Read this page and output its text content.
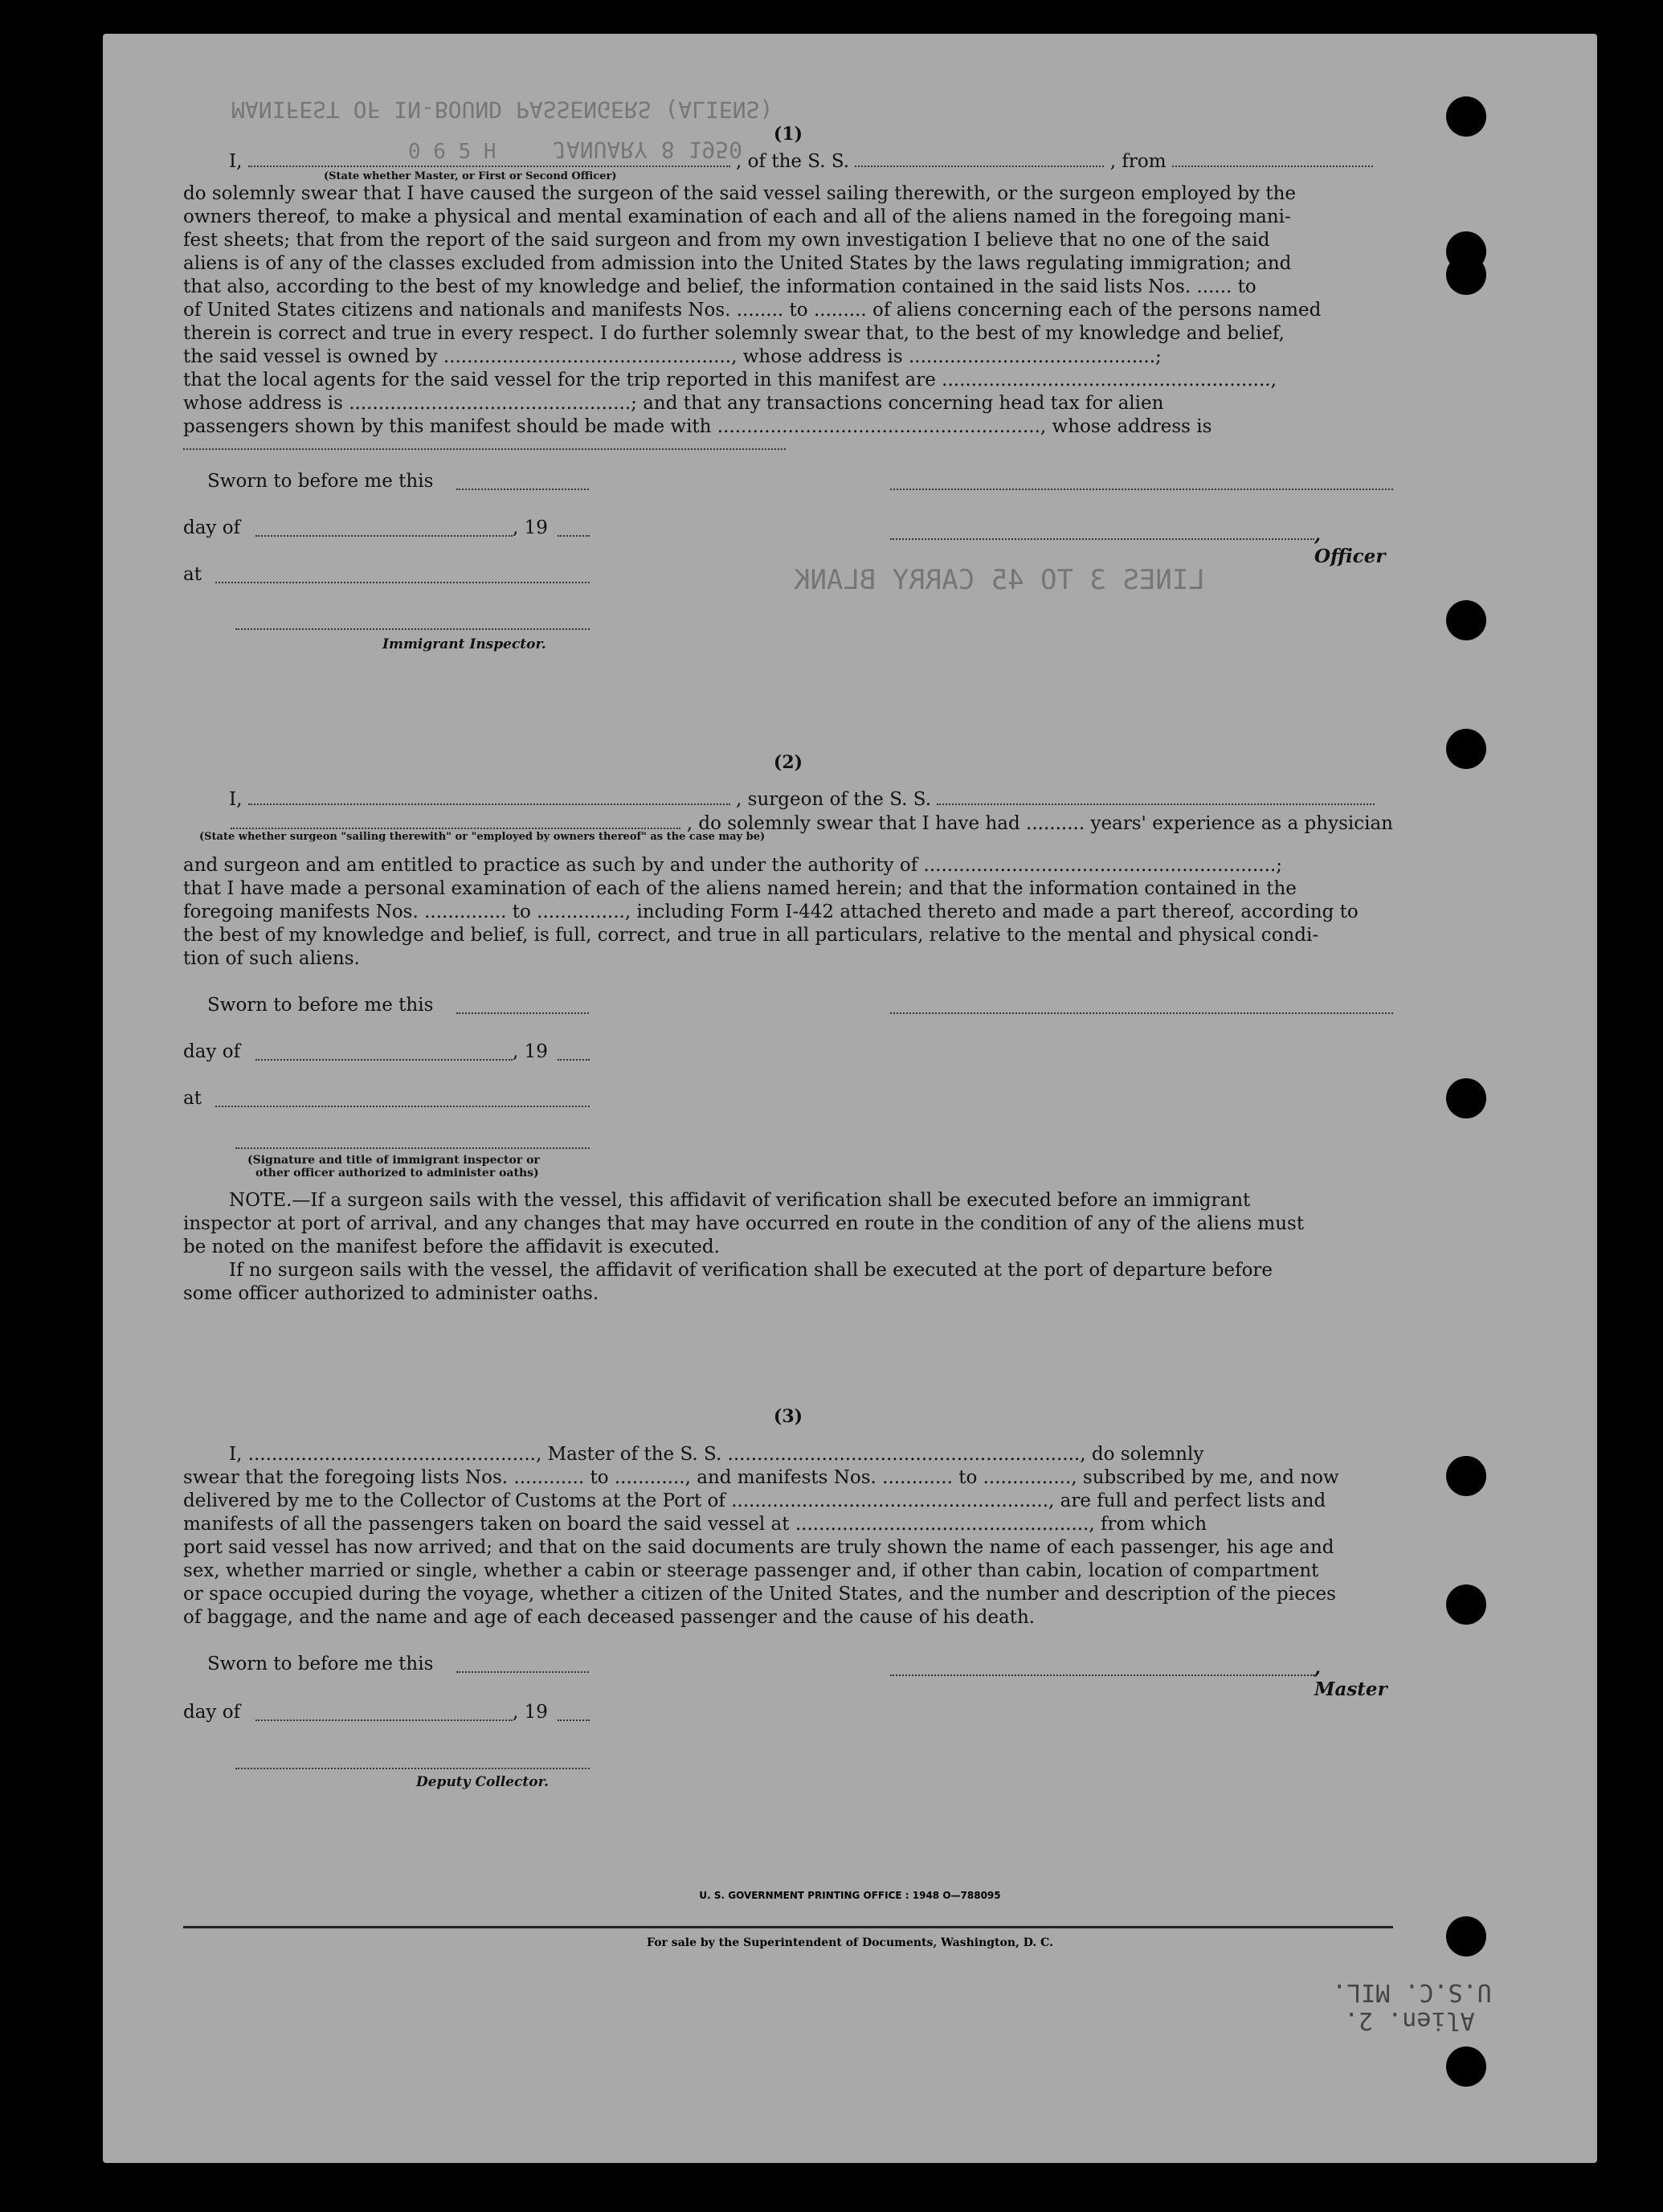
MANIFEST OF IN-BOUND PASSENGERS (ALIENS)
JANUARY 8 1950
0 6 5 H
LINES 3 TO 45 CARRY BLANK
U.S.C. MIL.
Alien. 2.

(1)

I,	, of the S. S.	, from
(State whether Master, or First or Second Officer)
do solemnly swear that I have caused the surgeon of the said vessel sailing therewith, or the surgeon employed by the
owners thereof, to make a physical and mental examination of each and all of the aliens named in the foregoing mani-
fest sheets; that from the report of the said surgeon and from my own investigation I believe that no one of the said
aliens is of any of the classes excluded from admission into the United States by the laws regulating immigration; and
that also, according to the best of my knowledge and belief, the information contained in the said lists Nos. ...... to
of United States citizens and nationals and manifests Nos. ........ to ......... of aliens concerning each of the persons named
therein is correct and true in every respect. I do further solemnly swear that, to the best of my knowledge and belief,
the said vessel is owned by ................................................., whose address is ..........................................;
that the local agents for the said vessel for the trip reported in this manifest are ........................................................,
whose address is ................................................; and that any transactions concerning head tax for alien
passengers shown by this manifest should be made with ......................................................., whose address is
Sworn to before me this
day of	, 19	, Officer
at
Immigrant Inspector.

(2)

I,	, surgeon of the S. S.
, do solemnly swear that I have had .......... years' experience as a physician
(State whether surgeon "sailing therewith" or "employed by owners thereof" as the case may be)
and surgeon and am entitled to practice as such by and under the authority of ............................................................;
that I have made a personal examination of each of the aliens named herein; and that the information contained in the
foregoing manifests Nos. .............. to ..............., including Form I-442 attached thereto and made a part thereof, according to
the best of my knowledge and belief, is full, correct, and true in all particulars, relative to the mental and physical condi-
tion of such aliens.
Sworn to before me this
day of	, 19
at
(Signature and title of immigrant inspector or
other officer authorized to administer oaths)
NOTE.—If a surgeon sails with the vessel, this affidavit of verification shall be executed before an immigrant
inspector at port of arrival, and any changes that may have occurred en route in the condition of any of the aliens must
be noted on the manifest before the affidavit is executed.
If no surgeon sails with the vessel, the affidavit of verification shall be executed at the port of departure before
some officer authorized to administer oaths.

(3)

I, ................................................., Master of the S. S. ............................................................, do solemnly
swear that the foregoing lists Nos. ............ to ............, and manifests Nos. ............ to ..............., subscribed by me, and now
delivered by me to the Collector of Customs at the Port of ......................................................, are full and perfect lists and
manifests of all the passengers taken on board the said vessel at .................................................., from which
port said vessel has now arrived; and that on the said documents are truly shown the name of each passenger, his age and
sex, whether married or single, whether a cabin or steerage passenger and, if other than cabin, location of compartment
or space occupied during the voyage, whether a citizen of the United States, and the number and description of the pieces
of baggage, and the name and age of each deceased passenger and the cause of his death.
Sworn to before me this	, Master
day of	, 19
Deputy Collector.
U. S. GOVERNMENT PRINTING OFFICE : 1948 O—788095
For sale by the Superintendent of Documents, Washington, D. C.
